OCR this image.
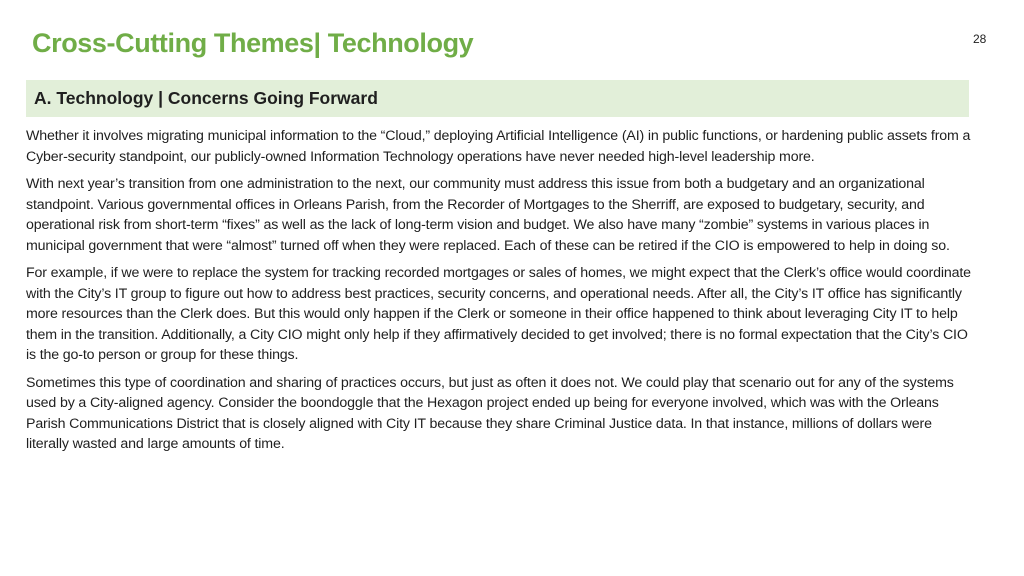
28
Cross-Cutting Themes| Technology
A. Technology | Concerns Going Forward

Whether it involves migrating municipal information to the “Cloud,” deploying Artificial Intelligence (AI) in public functions, or hardening public assets from a Cyber-security standpoint, our publicly-owned Information Technology operations have never needed high-level leadership more.

With next year’s transition from one administration to the next, our community must address this issue from both a budgetary and an organizational standpoint. Various governmental offices in Orleans Parish, from the Recorder of Mortgages to the Sherriff, are exposed to budgetary, security, and operational risk from short-term “fixes” as well as the lack of long-term vision and budget. We also have many “zombie” systems in various places in municipal government that were “almost” turned off when they were replaced. Each of these can be retired if the CIO is empowered to help in doing so.

For example, if we were to replace the system for tracking recorded mortgages or sales of homes, we might expect that the Clerk’s office would coordinate with the City’s IT group to figure out how to address best practices, security concerns, and operational needs. After all, the City’s IT office has significantly more resources than the Clerk does. But this would only happen if the Clerk or someone in their office happened to think about leveraging City IT to help them in the transition. Additionally, a City CIO might only help if they affirmatively decided to get involved; there is no formal expectation that the City’s CIO is the go-to person or group for these things.

Sometimes this type of coordination and sharing of practices occurs, but just as often it does not. We could play that scenario out for any of the systems used by a City-aligned agency. Consider the boondoggle that the Hexagon project ended up being for everyone involved, which was with the Orleans Parish Communications District that is closely aligned with City IT because they share Criminal Justice data. In that instance, millions of dollars were literally wasted and large amounts of time.
